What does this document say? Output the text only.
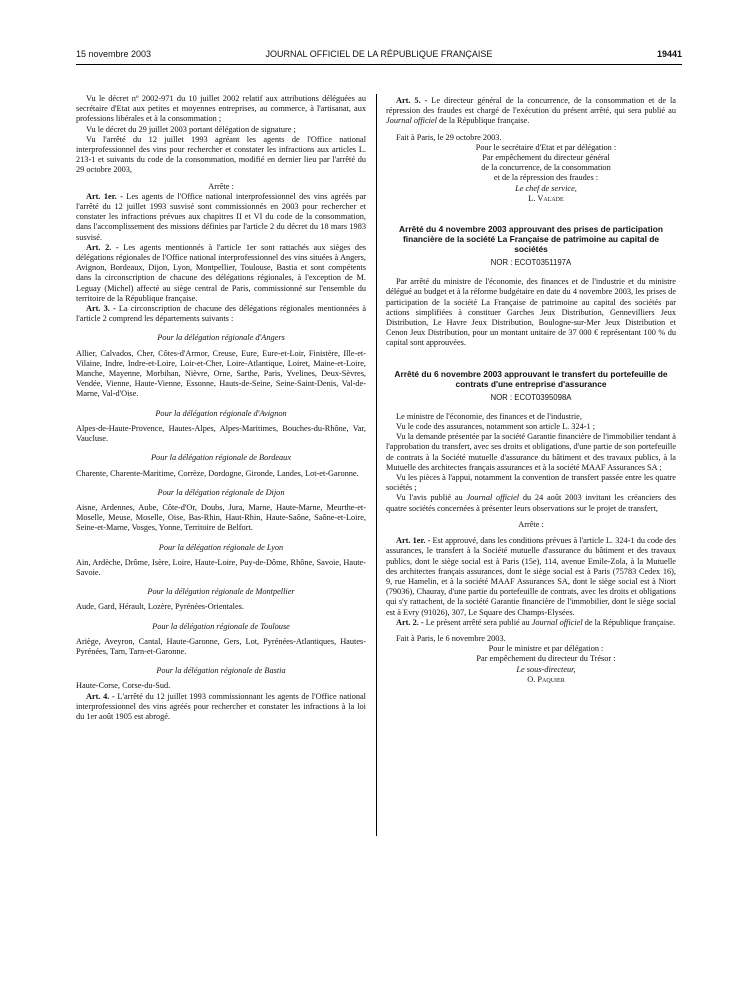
15 novembre 2003	JOURNAL OFFICIEL DE LA RÉPUBLIQUE FRANÇAISE	19441

Vu le décret nº 2002-971 du 10 juillet 2002 relatif aux attributions déléguées au secrétaire d'Etat aux petites et moyennes entreprises, au commerce, à l'artisanat, aux professions libérales et à la consommation ;

Vu le décret du 29 juillet 2003 portant délégation de signature ;

Vu l'arrêté du 12 juillet 1993 agréant les agents de l'Office national interprofessionnel des vins pour rechercher et constater les infractions aux articles L. 213-1 et suivants du code de la consommation, modifié en dernier lieu par l'arrêté du 29 octobre 2003,

Arrête :

Art. 1er. - Les agents de l'Office national interprofessionnel des vins agréés par l'arrêté du 12 juillet 1993 susvisé sont commissionnés en 2003 pour rechercher et constater les infractions prévues aux chapitres II et VI du code de la consommation, dans l'accomplissement des missions définies par l'article 2 du décret du 18 mars 1983 susvisé.

Art. 2. - Les agents mentionnés à l'article 1er sont rattachés aux sièges des délégations régionales de l'Office national interprofessionnel des vins situées à Angers, Avignon, Bordeaux, Dijon, Lyon, Montpellier, Toulouse, Bastia et sont compétents dans la circonscription de chacune des délégations régionales, à l'exception de M. Leguay (Michel) affecté au siège central de Paris, commissionné sur l'ensemble du territoire de la République française.

Art. 3. - La circonscription de chacune des délégations régionales mentionnées à l'article 2 comprend les départements suivants :

Pour la délégation régionale d'Angers

Allier, Calvados, Cher, Côtes-d'Armor, Creuse, Eure, Eure-et-Loir, Finistère, Ille-et-Vilaine, Indre, Indre-et-Loire, Loir-et-Cher, Loire-Atlantique, Loiret, Maine-et-Loire, Manche, Mayenne, Morbihan, Nièvre, Orne, Sarthe, Paris, Yvelines, Deux-Sèvres, Vendée, Vienne, Haute-Vienne, Essonne, Hauts-de-Seine, Seine-Saint-Denis, Val-de-Marne, Val-d'Oise.

Pour la délégation régionale d'Avignon

Alpes-de-Haute-Provence, Hautes-Alpes, Alpes-Maritimes, Bouches-du-Rhône, Var, Vaucluse.

Pour la délégation régionale de Bordeaux

Charente, Charente-Maritime, Corrèze, Dordogne, Gironde, Landes, Lot-et-Garonne.

Pour la délégation régionale de Dijon

Aisne, Ardennes, Aube, Côte-d'Or, Doubs, Jura, Marne, Haute-Marne, Meurthe-et-Moselle, Meuse, Moselle, Oise, Bas-Rhin, Haut-Rhin, Haute-Saône, Saône-et-Loire, Seine-et-Marne, Vosges, Yonne, Territoire de Belfort.

Pour la délégation régionale de Lyon

Ain, Ardèche, Drôme, Isère, Loire, Haute-Loire, Puy-de-Dôme, Rhône, Savoie, Haute-Savoie.

Pour la délégation régionale de Montpellier

Aude, Gard, Hérault, Lozère, Pyrénées-Orientales.

Pour la délégation régionale de Toulouse

Ariège, Aveyron, Cantal, Haute-Garonne, Gers, Lot, Pyrénées-Atlantiques, Hautes-Pyrénées, Tarn, Tarn-et-Garonne.

Pour la délégation régionale de Bastia

Haute-Corse, Corse-du-Sud.

Art. 4. - L'arrêté du 12 juillet 1993 commissionnant les agents de l'Office national interprofessionnel des vins agréés pour rechercher et constater les infractions à la loi du 1er août 1905 est abrogé.

Art. 5. - Le directeur général de la concurrence, de la consommation et de la répression des fraudes est chargé de l'exécution du présent arrêté, qui sera publié au Journal officiel de la République française.

Fait à Paris, le 29 octobre 2003.

Pour le secrétaire d'Etat et par délégation :
Par empêchement du directeur général
de la concurrence, de la consommation
et de la répression des fraudes :
Le chef de service,
L. Valade
Arrêté du 4 novembre 2003 approuvant des prises de participation financière de la société La Française de patrimoine au capital de sociétés
NOR : ECOT0351197A

Par arrêté du ministre de l'économie, des finances et de l'industrie et du ministre délégué au budget et à la réforme budgétaire en date du 4 novembre 2003, les prises de participation de la société La Française de patrimoine au capital des sociétés par actions simplifiées à constituer Garches Jeux Distribution, Gennevilliers Jeux Distribution, Le Havre Jeux Distribution, Boulogne-sur-Mer Jeux Distribution et Cenon Jeux Distribution, pour un montant unitaire de 37 000 € représentant 100 % du capital sont approuvées.

Arrêté du 6 novembre 2003 approuvant le transfert du portefeuille de contrats d'une entreprise d'assurance
NOR : ECOT0395098A

Le ministre de l'économie, des finances et de l'industrie,

Vu le code des assurances, notamment son article L. 324-1 ;

Vu la demande présentée par la société Garantie financière de l'immobilier tendant à l'approbation du transfert, avec ses droits et obligations, d'une partie de son portefeuille de contrats à la Société mutuelle d'assurance du bâtiment et des travaux publics, à la Mutuelle des architectes français assurances et à la société MAAF Assurances SA ;

Vu les pièces à l'appui, notamment la convention de transfert passée entre les quatre sociétés ;

Vu l'avis publié au Journal officiel du 24 août 2003 invitant les créanciers des quatre sociétés concernées à présenter leurs observations sur le projet de transfert,

Arrête :

Art. 1er. - Est approuvé, dans les conditions prévues à l'article L. 324-1 du code des assurances, le transfert à la Société mutuelle d'assurance du bâtiment et des travaux publics, dont le siège social est à Paris (15e), 114, avenue Emile-Zola, à la Mutuelle des architectes français assurances, dont le siège social est à Paris (75783 Cedex 16), 9, rue Hamelin, et à la société MAAF Assurances SA, dont le siège social est à Niort (79036), Chauray, d'une partie du portefeuille de contrats, avec les droits et obligations qui s'y rattachent, de la société Garantie financière de l'immobilier, dont le siège social est à Evry (91026), 307, Le Square des Champs-Elysées.

Art. 2. - Le présent arrêté sera publié au Journal officiel de la République française.

Fait à Paris, le 6 novembre 2003.

Pour le ministre et par délégation :
Par empêchement du directeur du Trésor :
Le sous-directeur,
O. Paquier
